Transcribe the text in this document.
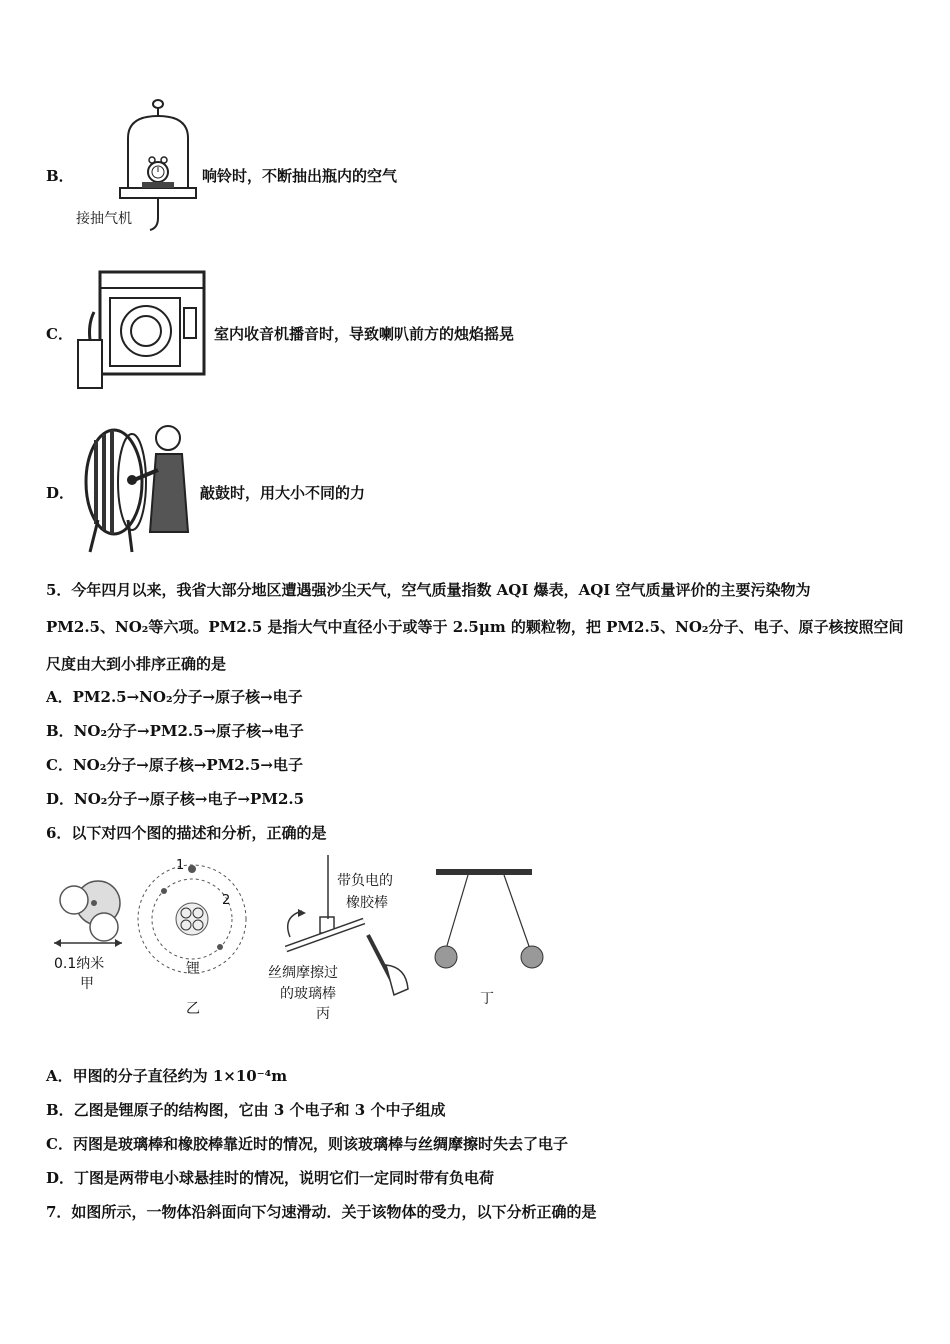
B．
接抽气机
响铃时，不断抽出瓶内的空气
C．	室内收音机播音时，导致喇叭前方的烛焰摇晃
D．	敲鼓时，用大小不同的力
5．今年四月以来，我省大部分地区遭遇强沙尘天气，空气质量指数 AQI 爆表，AQI 空气质量评价的主要污染物为
PM2.5、NO₂等六项。PM2.5 是指大气中直径小于或等于 2.5μm 的颗粒物，把 PM2.5、NO₂分子、电子、原子核按照空间
尺度由大到小排序正确的是
A．PM2.5→NO₂分子→原子核→电子
B．NO₂分子→PM2.5→原子核→电子
C．NO₂分子→原子核→PM2.5→电子
D．NO₂分子→原子核→电子→PM2.5
6．以下对四个图的描述和分析，正确的是
0.1纳米
甲
1
2
锂
乙
带负电的
橡胶棒
丝绸摩擦过
的玻璃棒
丙
丁
A．甲图的分子直径约为 1×10⁻⁴m
B．乙图是锂原子的结构图，它由 3 个电子和 3 个中子组成
C．丙图是玻璃棒和橡胶棒靠近时的情况，则该玻璃棒与丝绸摩擦时失去了电子
D．丁图是两带电小球悬挂时的情况，说明它们一定同时带有负电荷
7．如图所示，一物体沿斜面向下匀速滑动．关于该物体的受力，以下分析正确的是
